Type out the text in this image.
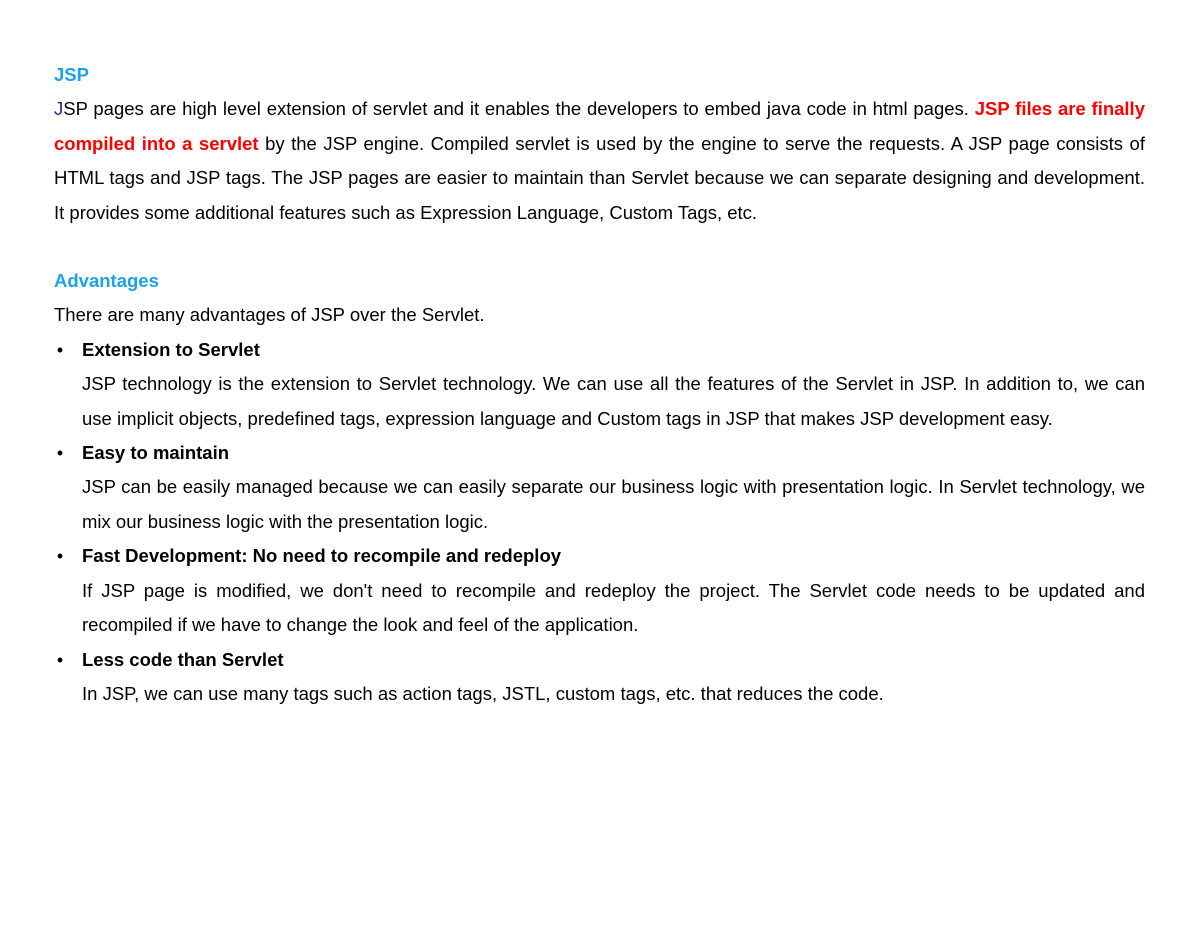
JSP

JSP pages are high level extension of servlet and it enables the developers to embed java code in html pages. JSP files are finally compiled into a servlet by the JSP engine. Compiled servlet is used by the engine to serve the requests. A JSP page consists of HTML tags and JSP tags. The JSP pages are easier to maintain than Servlet because we can separate designing and development. It provides some additional features such as Expression Language, Custom Tags, etc.

Advantages

There are many advantages of JSP over the Servlet.

• Extension to Servlet
JSP technology is the extension to Servlet technology. We can use all the features of the Servlet in JSP. In addition to, we can use implicit objects, predefined tags, expression language and Custom tags in JSP that makes JSP development easy.
• Easy to maintain
JSP can be easily managed because we can easily separate our business logic with presentation logic. In Servlet technology, we mix our business logic with the presentation logic.
• Fast Development: No need to recompile and redeploy
If JSP page is modified, we don't need to recompile and redeploy the project. The Servlet code needs to be updated and recompiled if we have to change the look and feel of the application.
• Less code than Servlet
In JSP, we can use many tags such as action tags, JSTL, custom tags, etc. that reduces the code.
